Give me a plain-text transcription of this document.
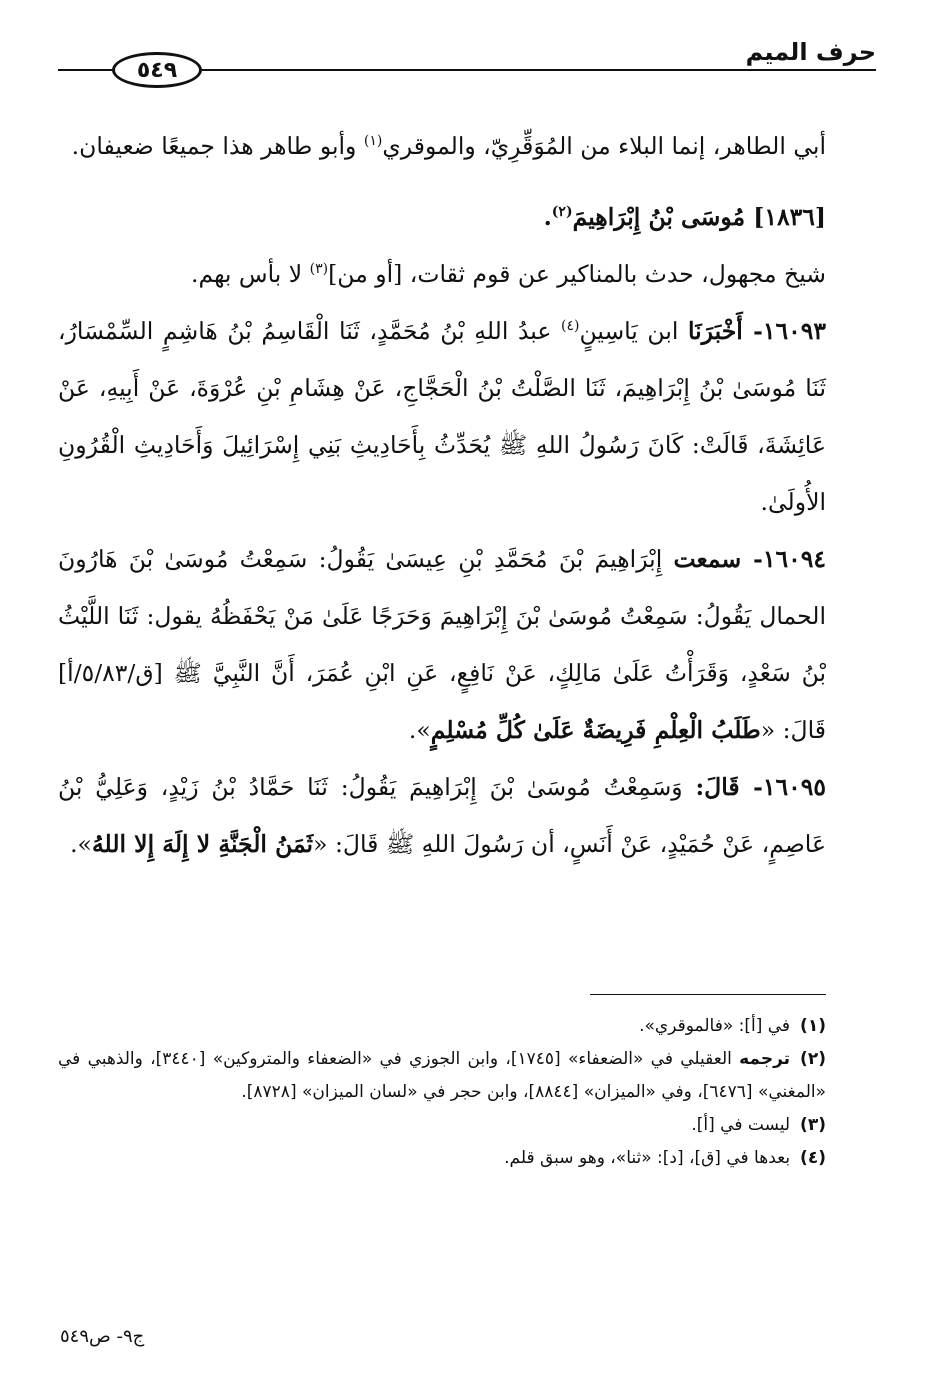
حرف الميم
٥٤٩

أبي الطاهر، إنما البلاء من المُوَقِّرِيّ، والموقري$^{(١)}$ وأبو طاهر هذا جميعًا ضعيفان.

[١٨٣٦] مُوسَى بْنُ إِبْرَاهِيمَ$^{(٢)}$.

شيخ مجهول، حدث بالمناكير عن قوم ثقات، [أو من]$^{(٣)}$ لا بأس بهم.

١٦٠٩٣- أَخْبَرَنَا ابن يَاسِينٍ$^{(٤)}$ عبدُ اللهِ بْنُ مُحَمَّدٍ، ثَنَا الْقَاسِمُ بْنُ هَاشِمٍ السِّمْسَارُ، ثَنَا مُوسَىٰ بْنُ إِبْرَاهِيمَ، ثَنَا الصَّلْتُ بْنُ الْحَجَّاجِ، عَنْ هِشَامِ بْنِ عُرْوَةَ، عَنْ أَبِيهِ، عَنْ عَائِشَةَ، قَالَتْ: كَانَ رَسُولُ اللهِ ﷺ يُحَدِّثُ بِأَحَادِيثِ بَنِي إِسْرَائِيلَ وَأَحَادِيثِ الْقُرُونِ الأُولَىٰ.

١٦٠٩٤- سمعت إِبْرَاهِيمَ بْنَ مُحَمَّدِ بْنِ عِيسَىٰ يَقُولُ: سَمِعْتُ مُوسَىٰ بْنَ هَارُونَ الحمال يَقُولُ: سَمِعْتُ مُوسَىٰ بْنَ إِبْرَاهِيمَ وَحَرَجًا عَلَىٰ مَنْ يَحْفَظُهُ يقول: ثَنَا اللَّيْثُ بْنُ سَعْدٍ، وَقَرَأْتُ عَلَىٰ مَالِكٍ، عَنْ نَافِعٍ، عَنِ ابْنِ عُمَرَ، أَنَّ النَّبِيَّ ﷺ [ق/٥/٨٣/أ] قَالَ: «طَلَبُ الْعِلْمِ فَرِيضَةٌ عَلَىٰ كُلِّ مُسْلِمٍ».

١٦٠٩٥- قَالَ: وَسَمِعْتُ مُوسَىٰ بْنَ إِبْرَاهِيمَ يَقُولُ: ثَنَا حَمَّادُ بْنُ زَيْدٍ، وَعَلِيُّ بْنُ عَاصِمٍ، عَنْ حُمَيْدٍ، عَنْ أَنَسٍ، أن رَسُولَ اللهِ ﷺ قَالَ: «ثَمَنُ الْجَنَّةِ لا إِلَهَ إِلا اللهُ».

(١)في [أ]: «فالموقري».

(٢)ترجمه العقيلي في «الضعفاء» [١٧٤٥]، وابن الجوزي في «الضعفاء والمتروكين» [٣٤٤٠]، والذهبي في «المغني» [٦٤٧٦]، وفي «الميزان» [٨٨٤٤]، وابن حجر في «لسان الميزان» [٨٧٢٨].

(٣)ليست في [أ].

(٤)بعدها في [ق]، [د]: «ثنا»، وهو سبق قلم.

ج٩- ص٥٤٩
